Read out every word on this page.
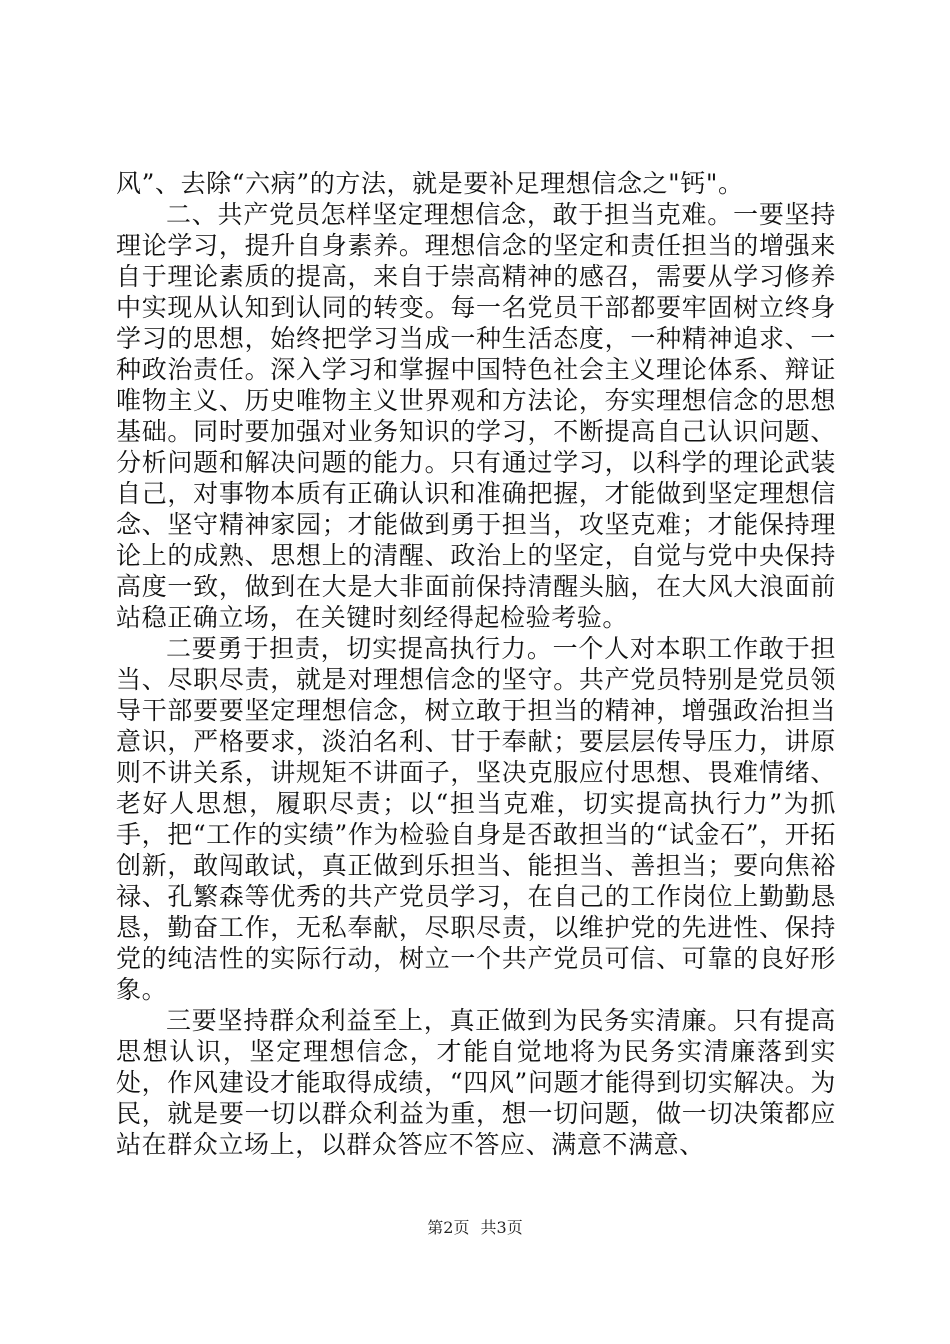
风”、去除“六病”的方法，就是要补足理想信念之"钙"。

二、共产党员怎样坚定理想信念，敢于担当克难。一要坚持理论学习，提升自身素养。理想信念的坚定和责任担当的增强来自于理论素质的提高，来自于崇高精神的感召，需要从学习修养中实现从认知到认同的转变。每一名党员干部都要牢固树立终身学习的思想，始终把学习当成一种生活态度，一种精神追求、一种政治责任。深入学习和掌握中国特色社会主义理论体系、辩证唯物主义、历史唯物主义世界观和方法论，夯实理想信念的思想基础。同时要加强对业务知识的学习，不断提高自己认识问题、分析问题和解决问题的能力。只有通过学习，以科学的理论武装自己，对事物本质有正确认识和准确把握，才能做到坚定理想信念、坚守精神家园；才能做到勇于担当，攻坚克难；才能保持理论上的成熟、思想上的清醒、政治上的坚定，自觉与党中央保持高度一致，做到在大是大非面前保持清醒头脑，在大风大浪面前站稳正确立场，在关键时刻经得起检验考验。

二要勇于担责，切实提高执行力。一个人对本职工作敢于担当、尽职尽责，就是对理想信念的坚守。共产党员特别是党员领导干部要要坚定理想信念，树立敢于担当的精神，增强政治担当意识，严格要求，淡泊名利、甘于奉献；要层层传导压力，讲原则不讲关系，讲规矩不讲面子，坚决克服应付思想、畏难情绪、老好人思想，履职尽责；以“担当克难，切实提高执行力”为抓手，把“工作的实绩”作为检验自身是否敢担当的“试金石”，开拓创新，敢闯敢试，真正做到乐担当、能担当、善担当；要向焦裕禄、孔繁森等优秀的共产党员学习，在自己的工作岗位上勤勤恳恳，勤奋工作，无私奉献，尽职尽责，以维护党的先进性、保持党的纯洁性的实际行动，树立一个共产党员可信、可靠的良好形象。

三要坚持群众利益至上，真正做到为民务实清廉。只有提高思想认识，坚定理想信念，才能自觉地将为民务实清廉落到实处，作风建设才能取得成绩，“四风”问题才能得到切实解决。为民，就是要一切以群众利益为重，想一切问题，做一切决策都应站在群众立场上，以群众答应不答应、满意不满意、

第2页 共3页
